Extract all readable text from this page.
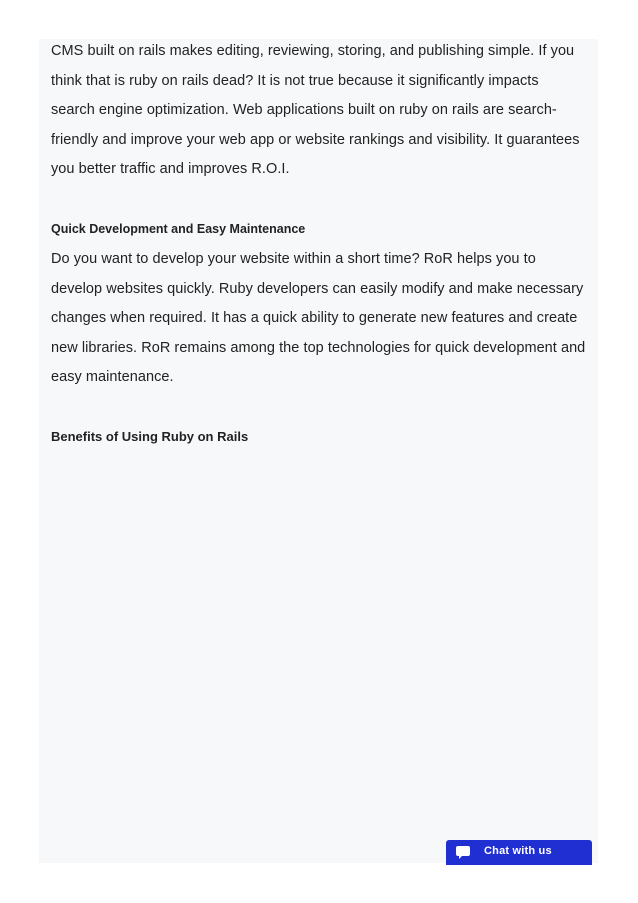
CMS built on rails makes editing, reviewing, storing, and publishing simple. If you think that is ruby on rails dead? It is not true because it significantly impacts search engine optimization. Web applications built on ruby on rails are search-friendly and improve your web app or website rankings and visibility. It guarantees you better traffic and improves R.O.I.

Quick Development and Easy Maintenance

Do you want to develop your website within a short time? RoR helps you to develop websites quickly. Ruby developers can easily modify and make necessary changes when required. It has a quick ability to generate new features and create new libraries. RoR remains among the top technologies for quick development and easy maintenance.

Benefits of Using Ruby on Rails
Chat with us
